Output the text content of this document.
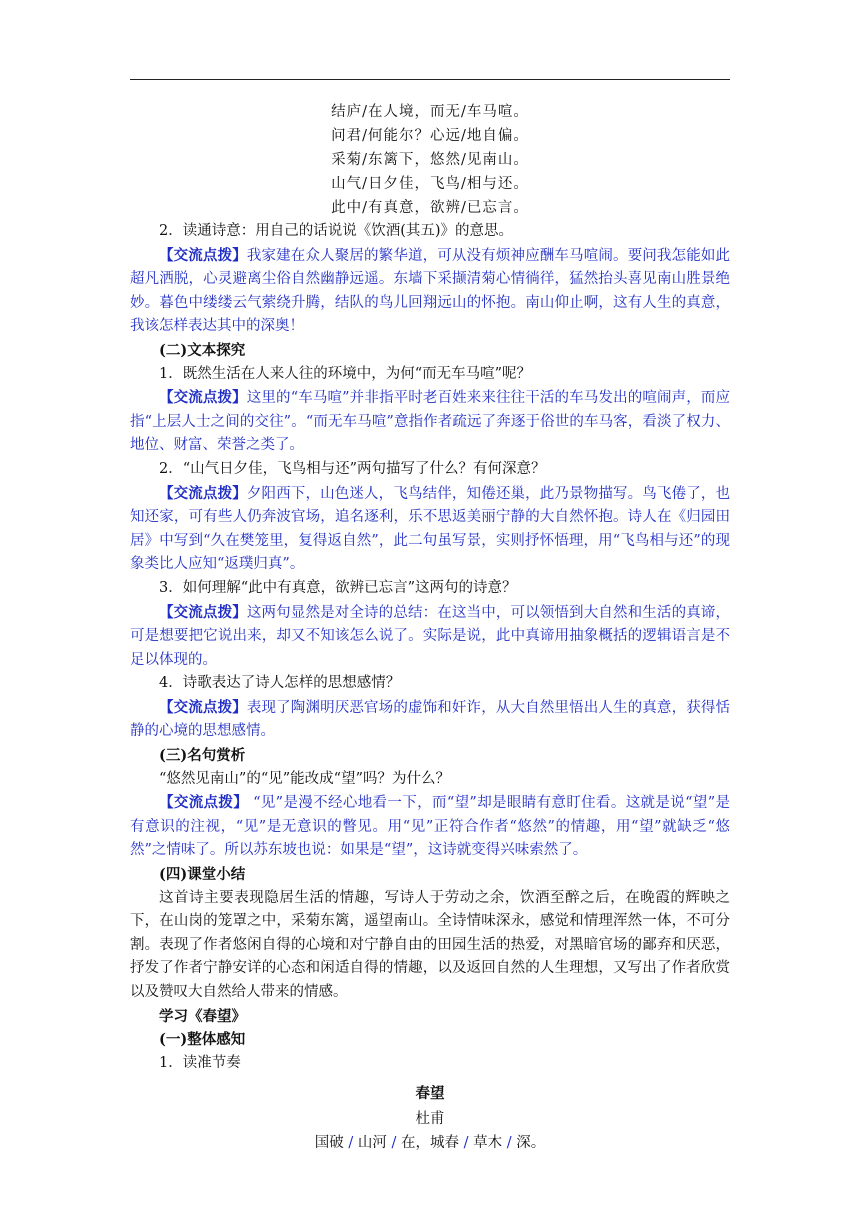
结庐/在人境，而无/车马喧。
问君/何能尔？心远/地自偏。
采菊/东篱下，悠然/见南山。
山气/日夕佳，飞鸟/相与还。
此中/有真意，欲辨/已忘言。

2．读通诗意：用自己的话说说《饮酒(其五)》的意思。

【交流点拨】我家建在众人聚居的繁华道，可从没有烦神应酬车马喧闹。要问我怎能如此超凡洒脱，心灵避离尘俗自然幽静远遥。东墙下采撷清菊心情徜徉，猛然抬头喜见南山胜景绝妙。暮色中缕缕云气萦绕升腾，结队的鸟儿回翔远山的怀抱。南山仰止啊，这有人生的真意，我该怎样表达其中的深奥！

(二)文本探究

1．既然生活在人来人往的环境中，为何“而无车马喧”呢？

【交流点拨】这里的“车马喧”并非指平时老百姓来来往往干活的车马发出的喧闹声，而应指“上层人士之间的交往”。“而无车马喧”意指作者疏远了奔逐于俗世的车马客，看淡了权力、地位、财富、荣誉之类了。

2．“山气日夕佳，飞鸟相与还”两句描写了什么？有何深意？

【交流点拨】夕阳西下，山色迷人，飞鸟结伴，知倦还巢，此乃景物描写。鸟飞倦了，也知还家，可有些人仍奔波官场，追名逐利，乐不思返美丽宁静的大自然怀抱。诗人在《归园田居》中写到“久在樊笼里，复得返自然”，此二句虽写景，实则抒怀悟理，用“飞鸟相与还”的现象类比人应知“返璞归真”。

3．如何理解“此中有真意，欲辨已忘言”这两句的诗意？

【交流点拨】这两句显然是对全诗的总结：在这当中，可以领悟到大自然和生活的真谛，可是想要把它说出来，却又不知该怎么说了。实际是说，此中真谛用抽象概括的逻辑语言是不足以体现的。

4．诗歌表达了诗人怎样的思想感情？

【交流点拨】表现了陶渊明厌恶官场的虚饰和奸诈，从大自然里悟出人生的真意，获得恬静的心境的思想感情。

(三)名句赏析

“悠然见南山”的“见”能改成“望”吗？为什么？

【交流点拨】 “见”是漫不经心地看一下，而“望”却是眼睛有意盯住看。这就是说“望”是有意识的注视，“见”是无意识的瞥见。用“见”正符合作者“悠然”的情趣，用“望”就缺乏“悠然”之情味了。所以苏东坡也说：如果是“望”，这诗就变得兴味索然了。

(四)课堂小结

这首诗主要表现隐居生活的情趣，写诗人于劳动之余，饮酒至醉之后，在晚霞的辉映之下，在山岗的笼罩之中，采菊东篱，遥望南山。全诗情味深永，感觉和情理浑然一体，不可分割。表现了作者悠闲自得的心境和对宁静自由的田园生活的热爱，对黑暗官场的鄙弃和厌恶，抒发了作者宁静安详的心态和闲适自得的情趣，以及返回自然的人生理想，又写出了作者欣赏以及赞叹大自然给人带来的情感。

学习《春望》

(一)整体感知

1．读准节奏

春望
杜甫
国破 / 山河 / 在，城春 / 草木 / 深。
